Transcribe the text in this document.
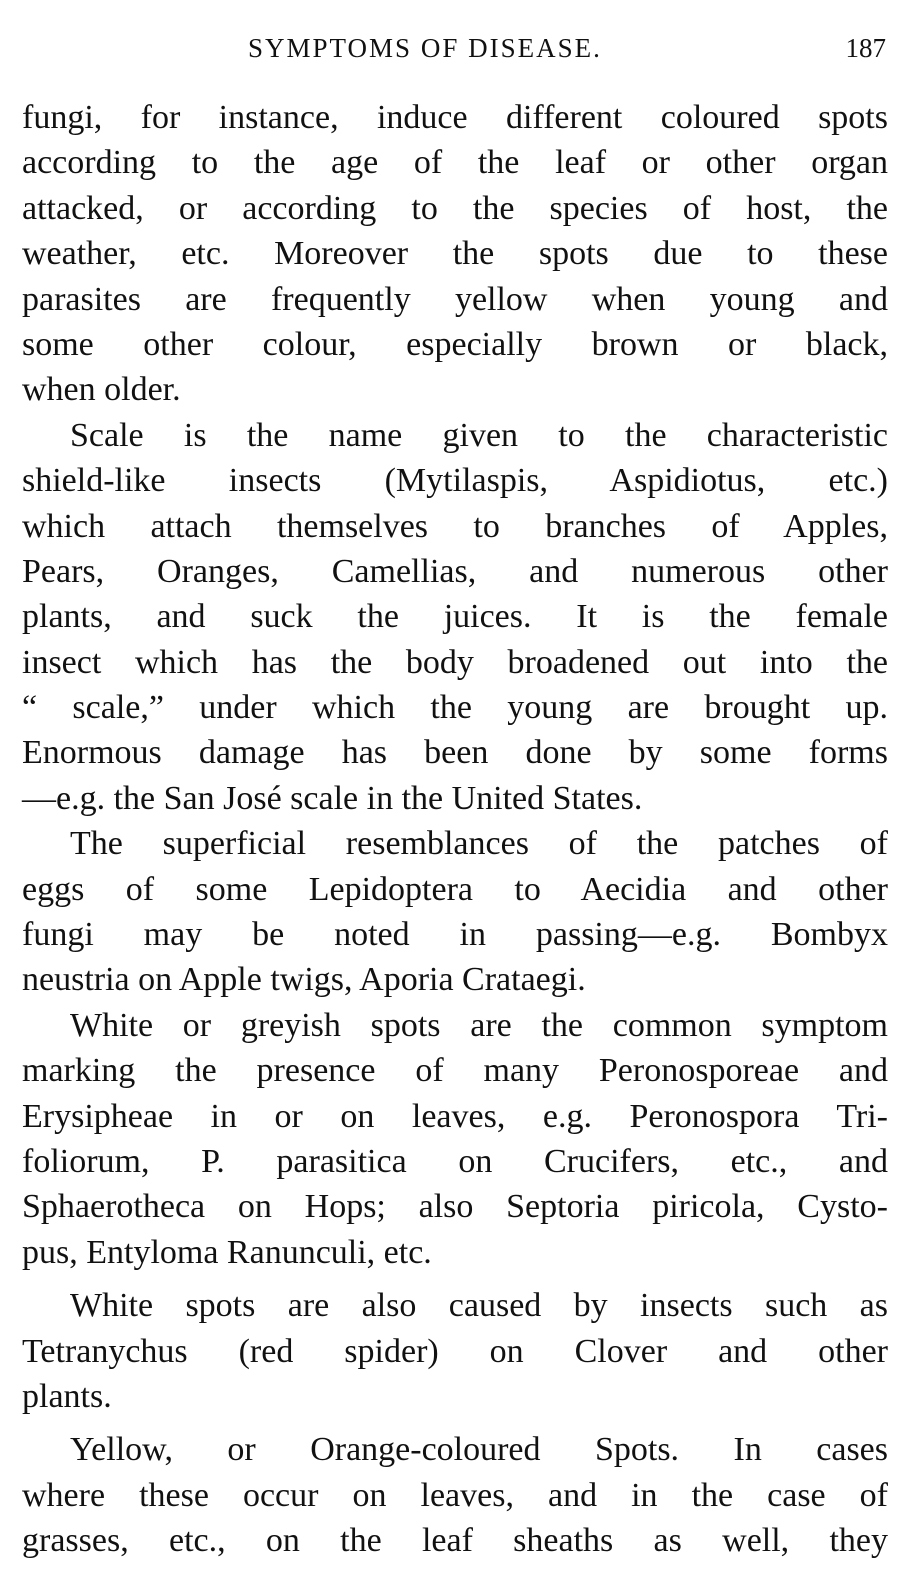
SYMPTOMS OF DISEASE.	187
fungi, for instance, induce different coloured spots
according to the age of the leaf or other organ
attacked, or according to the species of host, the
weather, etc. Moreover the spots due to these
parasites are frequently yellow when young and
some other colour, especially brown or black,
when older.
Scale is the name given to the characteristic
shield-like insects (Mytilaspis, Aspidiotus, etc.)
which attach themselves to branches of Apples,
Pears, Oranges, Camellias, and numerous other
plants, and suck the juices. It is the female
insect which has the body broadened out into the
“ scale,” under which the young are brought up.
Enormous damage has been done by some forms
—e.g. the San José scale in the United States.
The superficial resemblances of the patches of
eggs of some Lepidoptera to Aecidia and other
fungi may be noted in passing—e.g. Bombyx
neustria on Apple twigs, Aporia Crataegi.
White or greyish spots are the common symptom
marking the presence of many Peronosporeae and
Erysipheae in or on leaves, e.g. Peronospora Tri-
foliorum, P. parasitica on Crucifers, etc., and
Sphaerotheca on Hops; also Septoria piricola, Cysto-
pus, Entyloma Ranunculi, etc.
White spots are also caused by insects such as
Tetranychus (red spider) on Clover and other
plants.
Yellow, or Orange-coloured Spots. In cases
where these occur on leaves, and in the case of
grasses, etc., on the leaf sheaths as well, they
